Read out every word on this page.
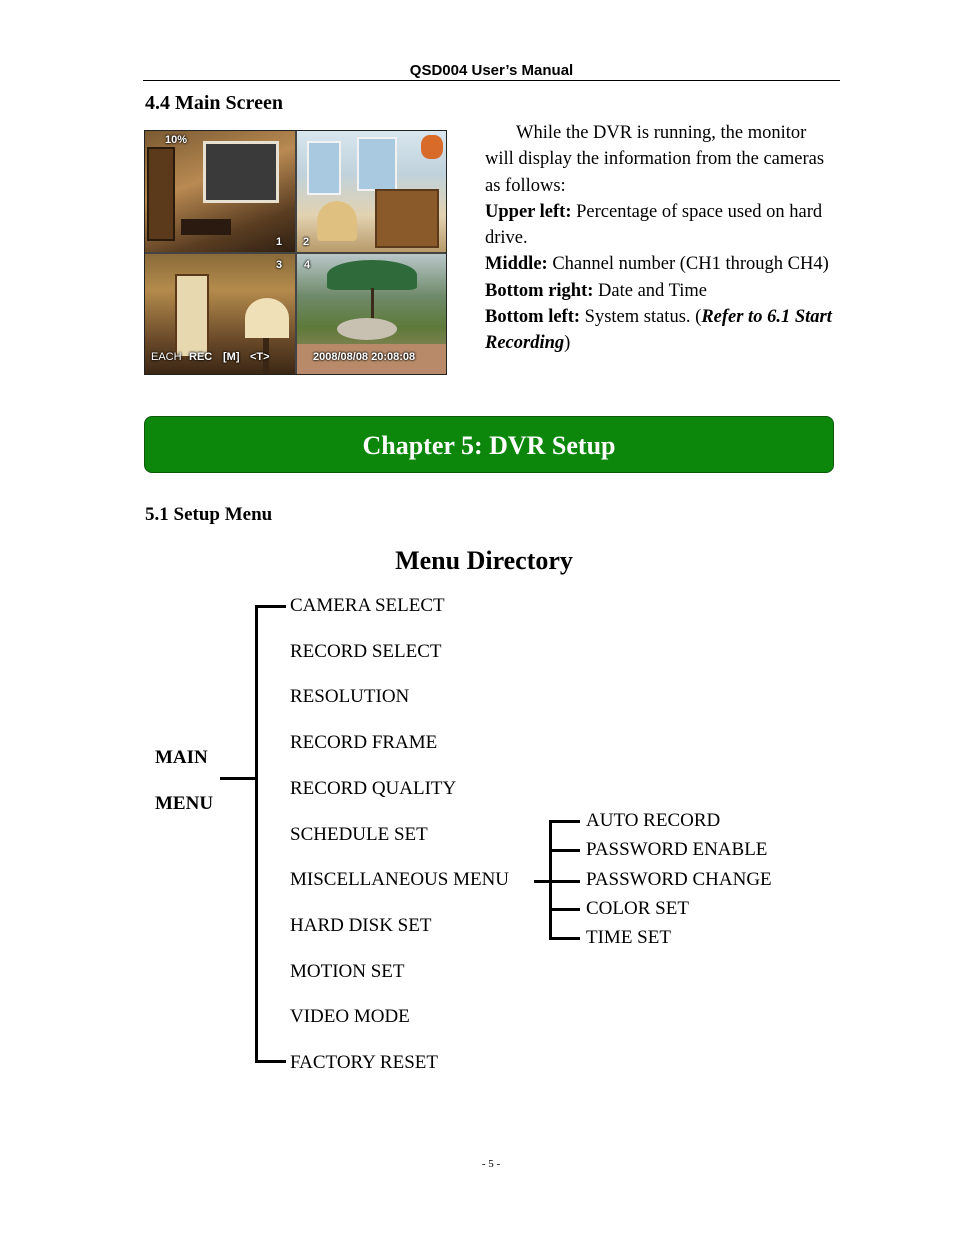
QSD004 User’s Manual
4.4 Main Screen
10%
1 2
3
EACH REC [M] <T>
4
2008/08/08 20:08:08

While the DVR is running, the monitor will display the information from the cameras as follows:

Upper left: Percentage of space used on hard drive.

Middle: Channel number (CH1 through CH4)

Bottom right: Date and Time

Bottom left: System status. (Refer to 6.1 Start Recording)

Chapter 5: DVR Setup
5.1 Setup Menu
Menu Directory
MAIN
MENU
CAMERA SELECT
RECORD SELECT
RESOLUTION
RECORD FRAME
RECORD QUALITY
SCHEDULE SET
MISCELLANEOUS MENU
HARD DISK SET
MOTION SET
VIDEO MODE
FACTORY RESET
AUTO RECORD
PASSWORD ENABLE
PASSWORD CHANGE
COLOR SET
TIME SET
- 5 -
